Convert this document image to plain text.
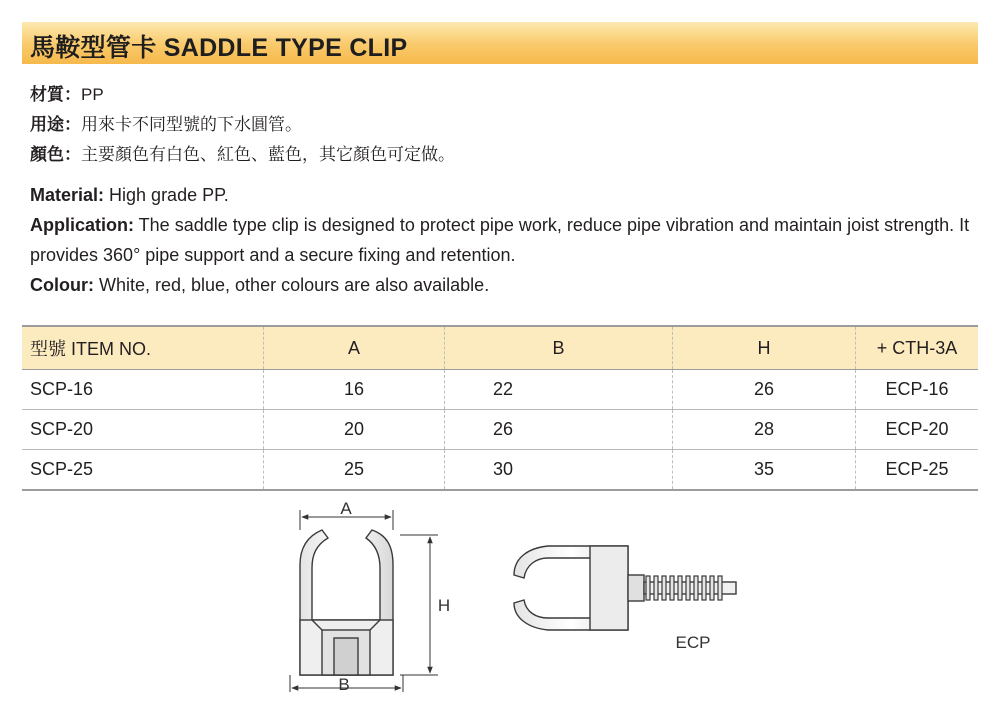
馬鞍型管卡 SADDLE TYPE CLIP
材質：PP
用途：用來卡不同型號的下水圓管。
顏色：主要顏色有白色、紅色、藍色，其它顏色可定做。
Material: High grade PP.
Application: The saddle type clip is designed to protect pipe work, reduce pipe vibration and maintain joist strength. It provides 360° pipe support and a secure fixing and retention.
Colour: White, red, blue, other colours are also available.
型號 ITEM NO.	A	B	H	+ CTH-3A
SCP-16	16	22	26	ECP-16
SCP-20	20	26	28	ECP-20
SCP-25	25	30	35	ECP-25
A
B
H
ECP
